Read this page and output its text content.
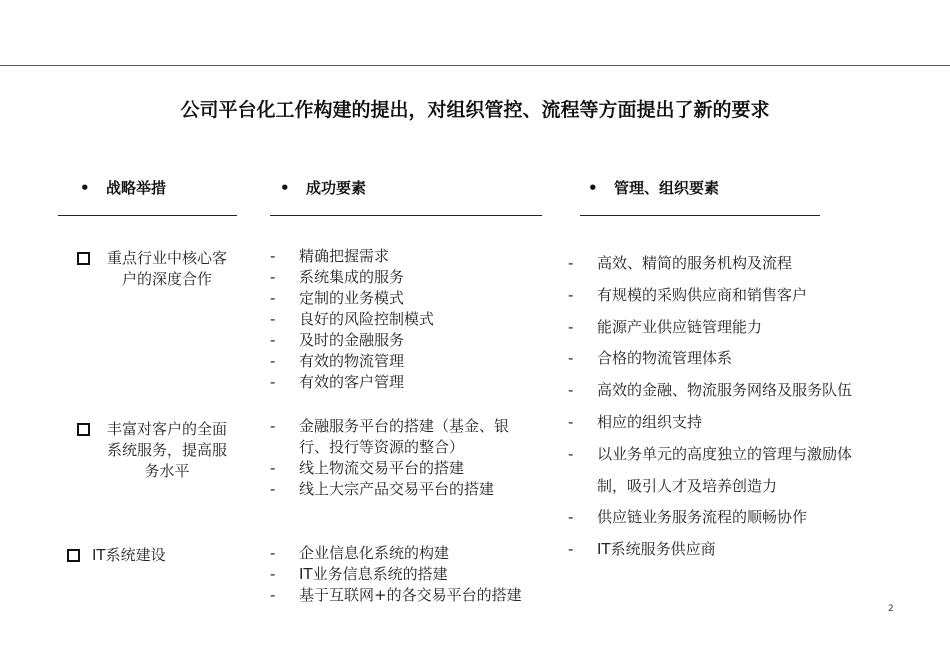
公司平台化工作构建的提出，对组织管控、流程等方面提出了新的要求
• 战略举措	• 成功要素	• 管理、组织要素
重点行业中核心客户的深度合作
丰富对客户的全面系统服务，提高服务水平
IT系统建设
- 精确把握需求
- 系统集成的服务
- 定制的业务模式
- 良好的风险控制模式
- 及时的金融服务
- 有效的物流管理
- 有效的客户管理
- 金融服务平台的搭建（基金、银行、投行等资源的整合）
- 线上物流交易平台的搭建
- 线上大宗产品交易平台的搭建
- 企业信息化系统的构建
- IT业务信息系统的搭建
- 基于互联网+的各交易平台的搭建
- 高效、精简的服务机构及流程
- 有规模的采购供应商和销售客户
- 能源产业供应链管理能力
- 合格的物流管理体系
- 高效的金融、物流服务网络及服务队伍
- 相应的组织支持
- 以业务单元的高度独立的管理与激励体制，吸引人才及培养创造力
- 供应链业务服务流程的顺畅协作
- IT系统服务供应商
2
